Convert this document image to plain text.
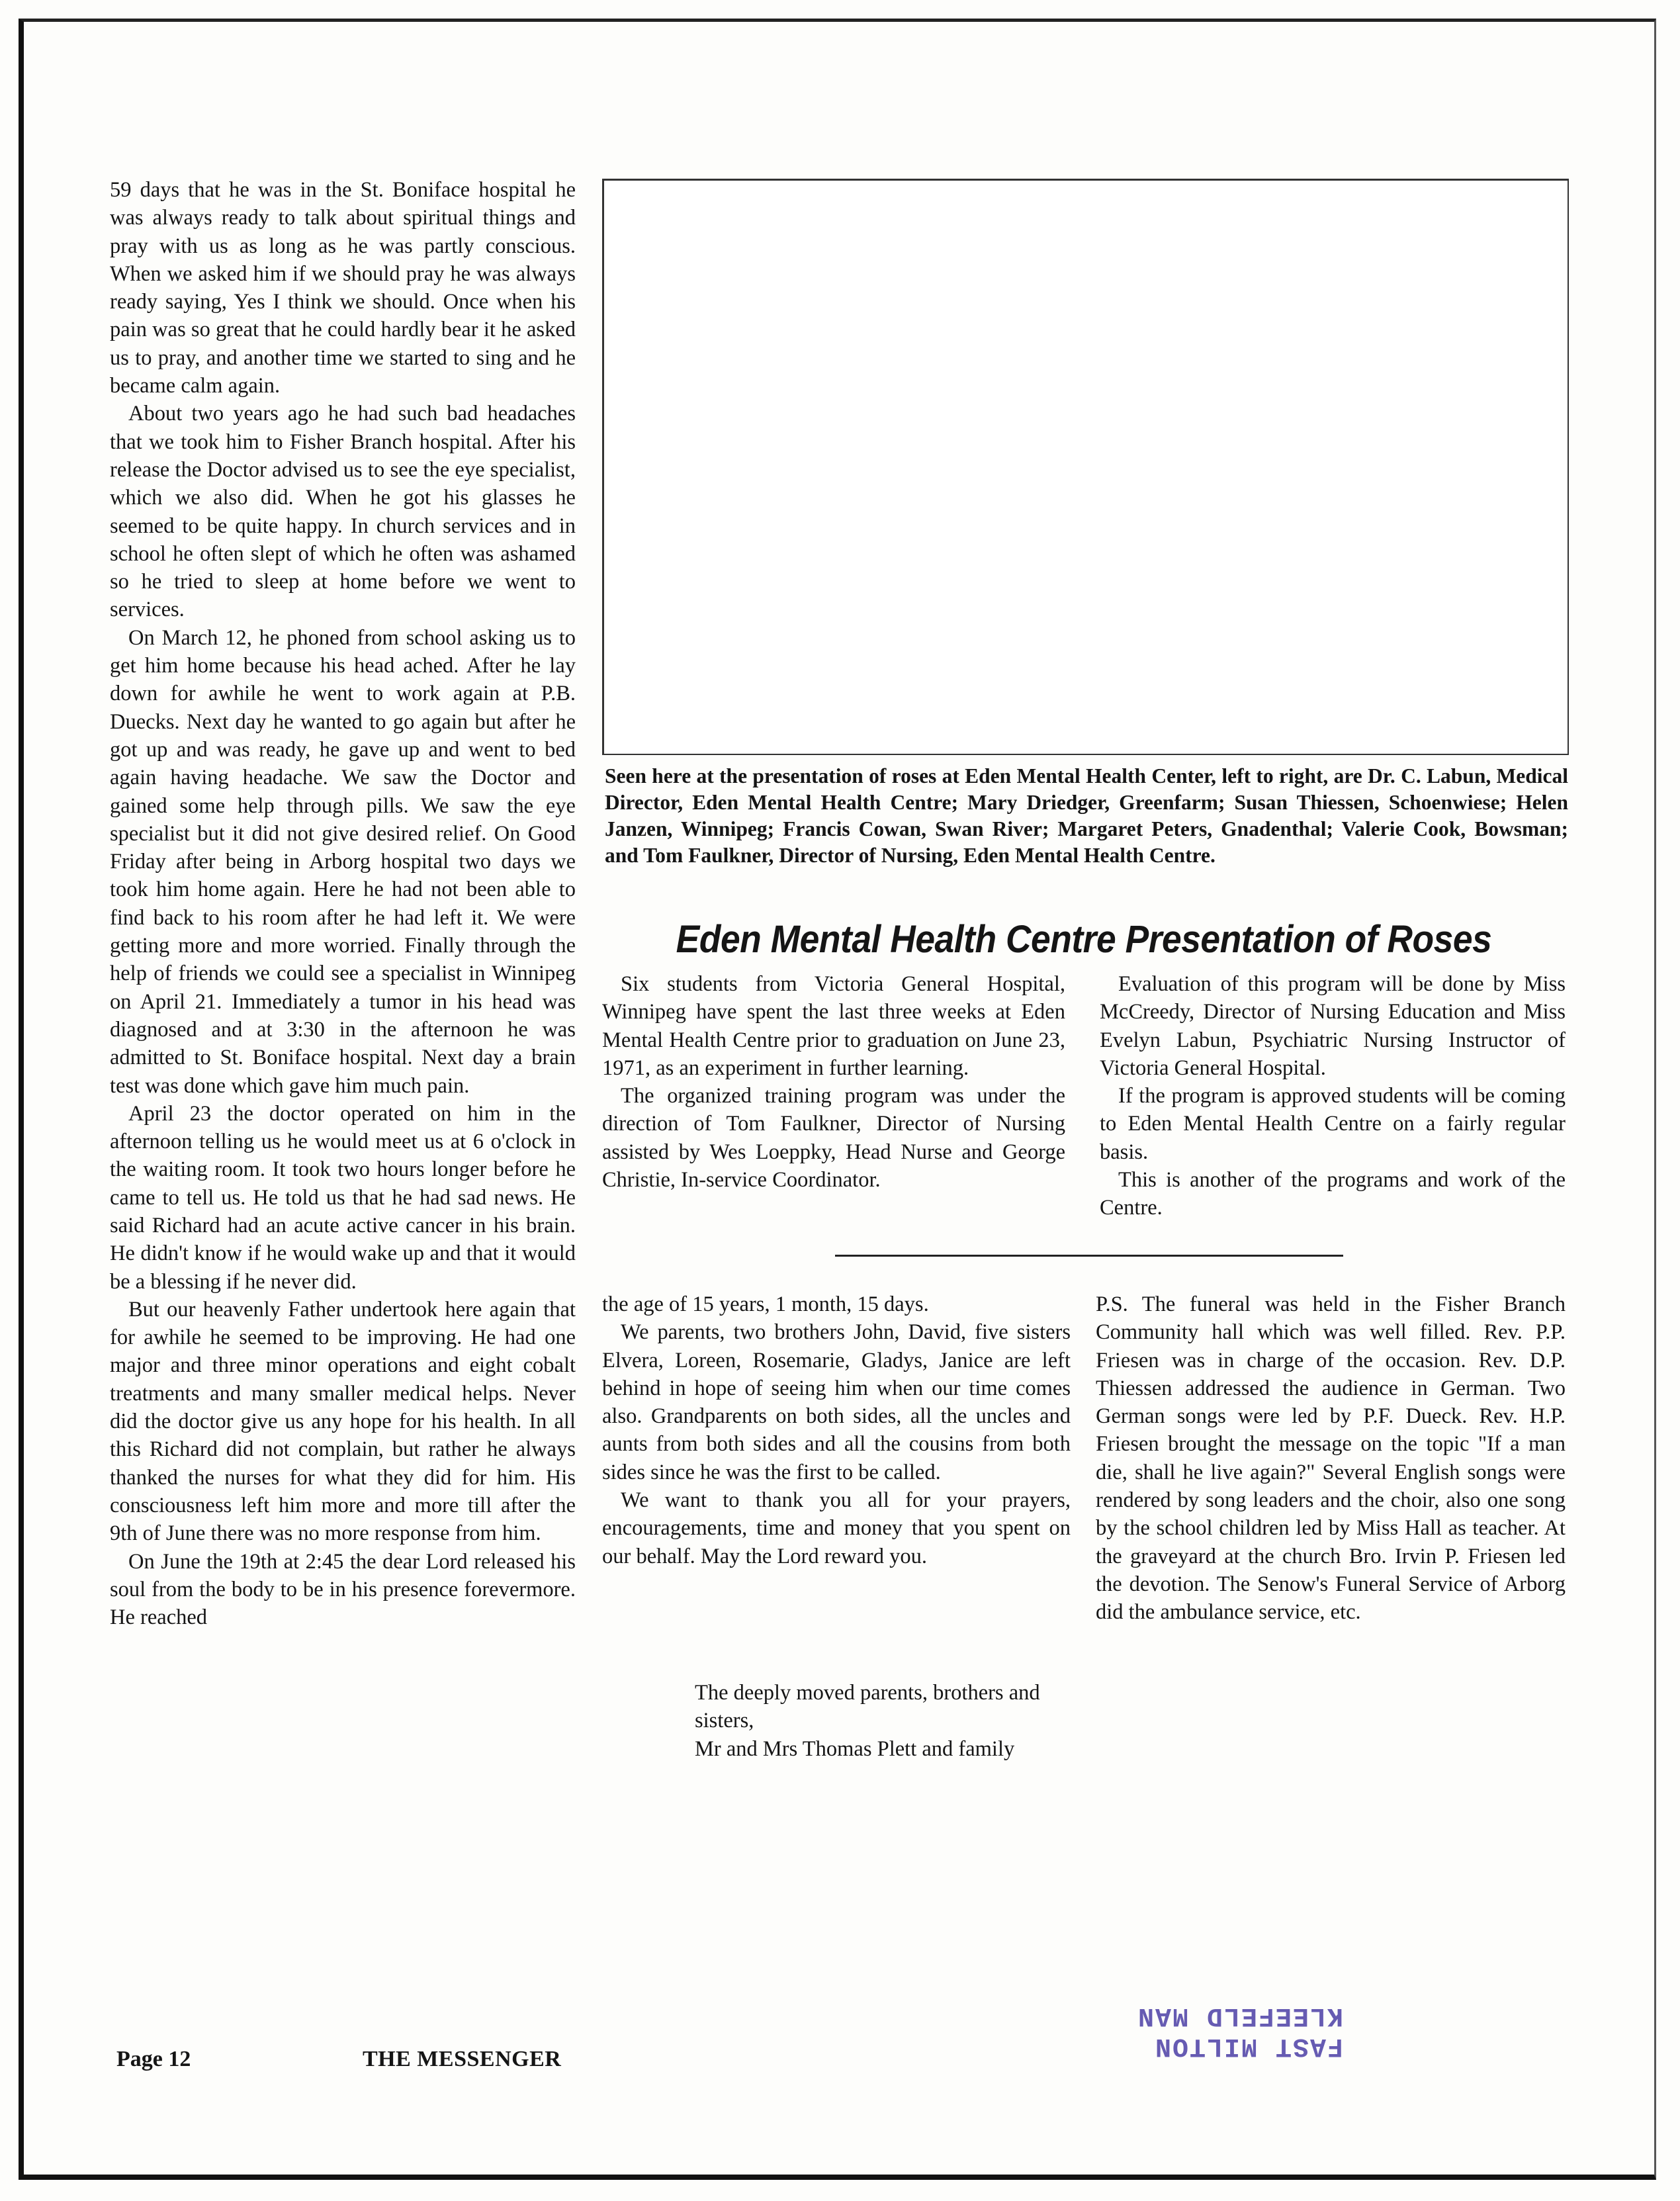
59 days that he was in the St. Boniface hospital he was always ready to talk about spiritual things and pray with us as long as he was partly conscious. When we asked him if we should pray he was always ready saying, Yes I think we should. Once when his pain was so great that he could hardly bear it he asked us to pray, and another time we started to sing and he became calm again.

About two years ago he had such bad headaches that we took him to Fisher Branch hospital. After his release the Doctor advised us to see the eye specialist, which we also did. When he got his glasses he seemed to be quite happy. In church services and in school he often slept of which he often was ashamed so he tried to sleep at home before we went to services.

On March 12, he phoned from school asking us to get him home because his head ached. After he lay down for awhile he went to work again at P.B. Duecks. Next day he wanted to go again but after he got up and was ready, he gave up and went to bed again having headache. We saw the Doctor and gained some help through pills. We saw the eye specialist but it did not give desired relief. On Good Friday after being in Arborg hospital two days we took him home again. Here he had not been able to find back to his room after he had left it. We were getting more and more worried. Finally through the help of friends we could see a specialist in Winnipeg on April 21. Immediately a tumor in his head was diagnosed and at 3:30 in the afternoon he was admitted to St. Boniface hospital. Next day a brain test was done which gave him much pain.

April 23 the doctor operated on him in the afternoon telling us he would meet us at 6 o'clock in the waiting room. It took two hours longer before he came to tell us. He told us that he had sad news. He said Richard had an acute active cancer in his brain. He didn't know if he would wake up and that it would be a blessing if he never did.

But our heavenly Father undertook here again that for awhile he seemed to be improving. He had one major and three minor operations and eight cobalt treatments and many smaller medical helps. Never did the doctor give us any hope for his health. In all this Richard did not complain, but rather he always thanked the nurses for what they did for him. His consciousness left him more and more till after the 9th of June there was no more response from him.

On June the 19th at 2:45 the dear Lord released his soul from the body to be in his presence forevermore. He reached

Seen here at the presentation of roses at Eden Mental Health Center, left to right, are Dr. C. Labun, Medical Director, Eden Mental Health Centre; Mary Driedger, Greenfarm; Susan Thiessen, Schoenwiese; Helen Janzen, Winnipeg; Francis Cowan, Swan River; Margaret Peters, Gnadenthal; Valerie Cook, Bowsman; and Tom Faulkner, Director of Nursing, Eden Mental Health Centre.
Eden Mental Health Centre Presentation of Roses

Six students from Victoria General Hospital, Winnipeg have spent the last three weeks at Eden Mental Health Centre prior to graduation on June 23, 1971, as an experiment in further learning.

The organized training program was under the direction of Tom Faulkner, Director of Nursing assisted by Wes Loeppky, Head Nurse and George Christie, In-service Coordinator.

Evaluation of this program will be done by Miss McCreedy, Director of Nursing Education and Miss Evelyn Labun, Psychiatric Nursing Instructor of Victoria General Hospital.

If the program is approved students will be coming to Eden Mental Health Centre on a fairly regular basis.

This is another of the programs and work of the Centre.

the age of 15 years, 1 month, 15 days.

We parents, two brothers John, David, five sisters Elvera, Loreen, Rosemarie, Gladys, Janice are left behind in hope of seeing him when our time comes also. Grandparents on both sides, all the uncles and aunts from both sides and all the cousins from both sides since he was the first to be called.

We want to thank you all for your prayers, encouragements, time and money that you spent on our behalf. May the Lord reward you.

The deeply moved parents, brothers and sisters,

Mr and Mrs Thomas Plett and family

P.S. The funeral was held in the Fisher Branch Community hall which was well filled. Rev. P.P. Friesen was in charge of the occasion. Rev. D.P. Thiessen addressed the audience in German. Two German songs were led by P.F. Dueck. Rev. H.P. Friesen brought the message on the topic "If a man die, shall he live again?" Several English songs were rendered by song leaders and the choir, also one song by the school children led by Miss Hall as teacher. At the graveyard at the church Bro. Irvin P. Friesen led the devotion. The Senow's Funeral Service of Arborg did the ambulance service, etc.

Page 12	THE MESSENGER	FAST MILTON
KLEEFELD MAN
